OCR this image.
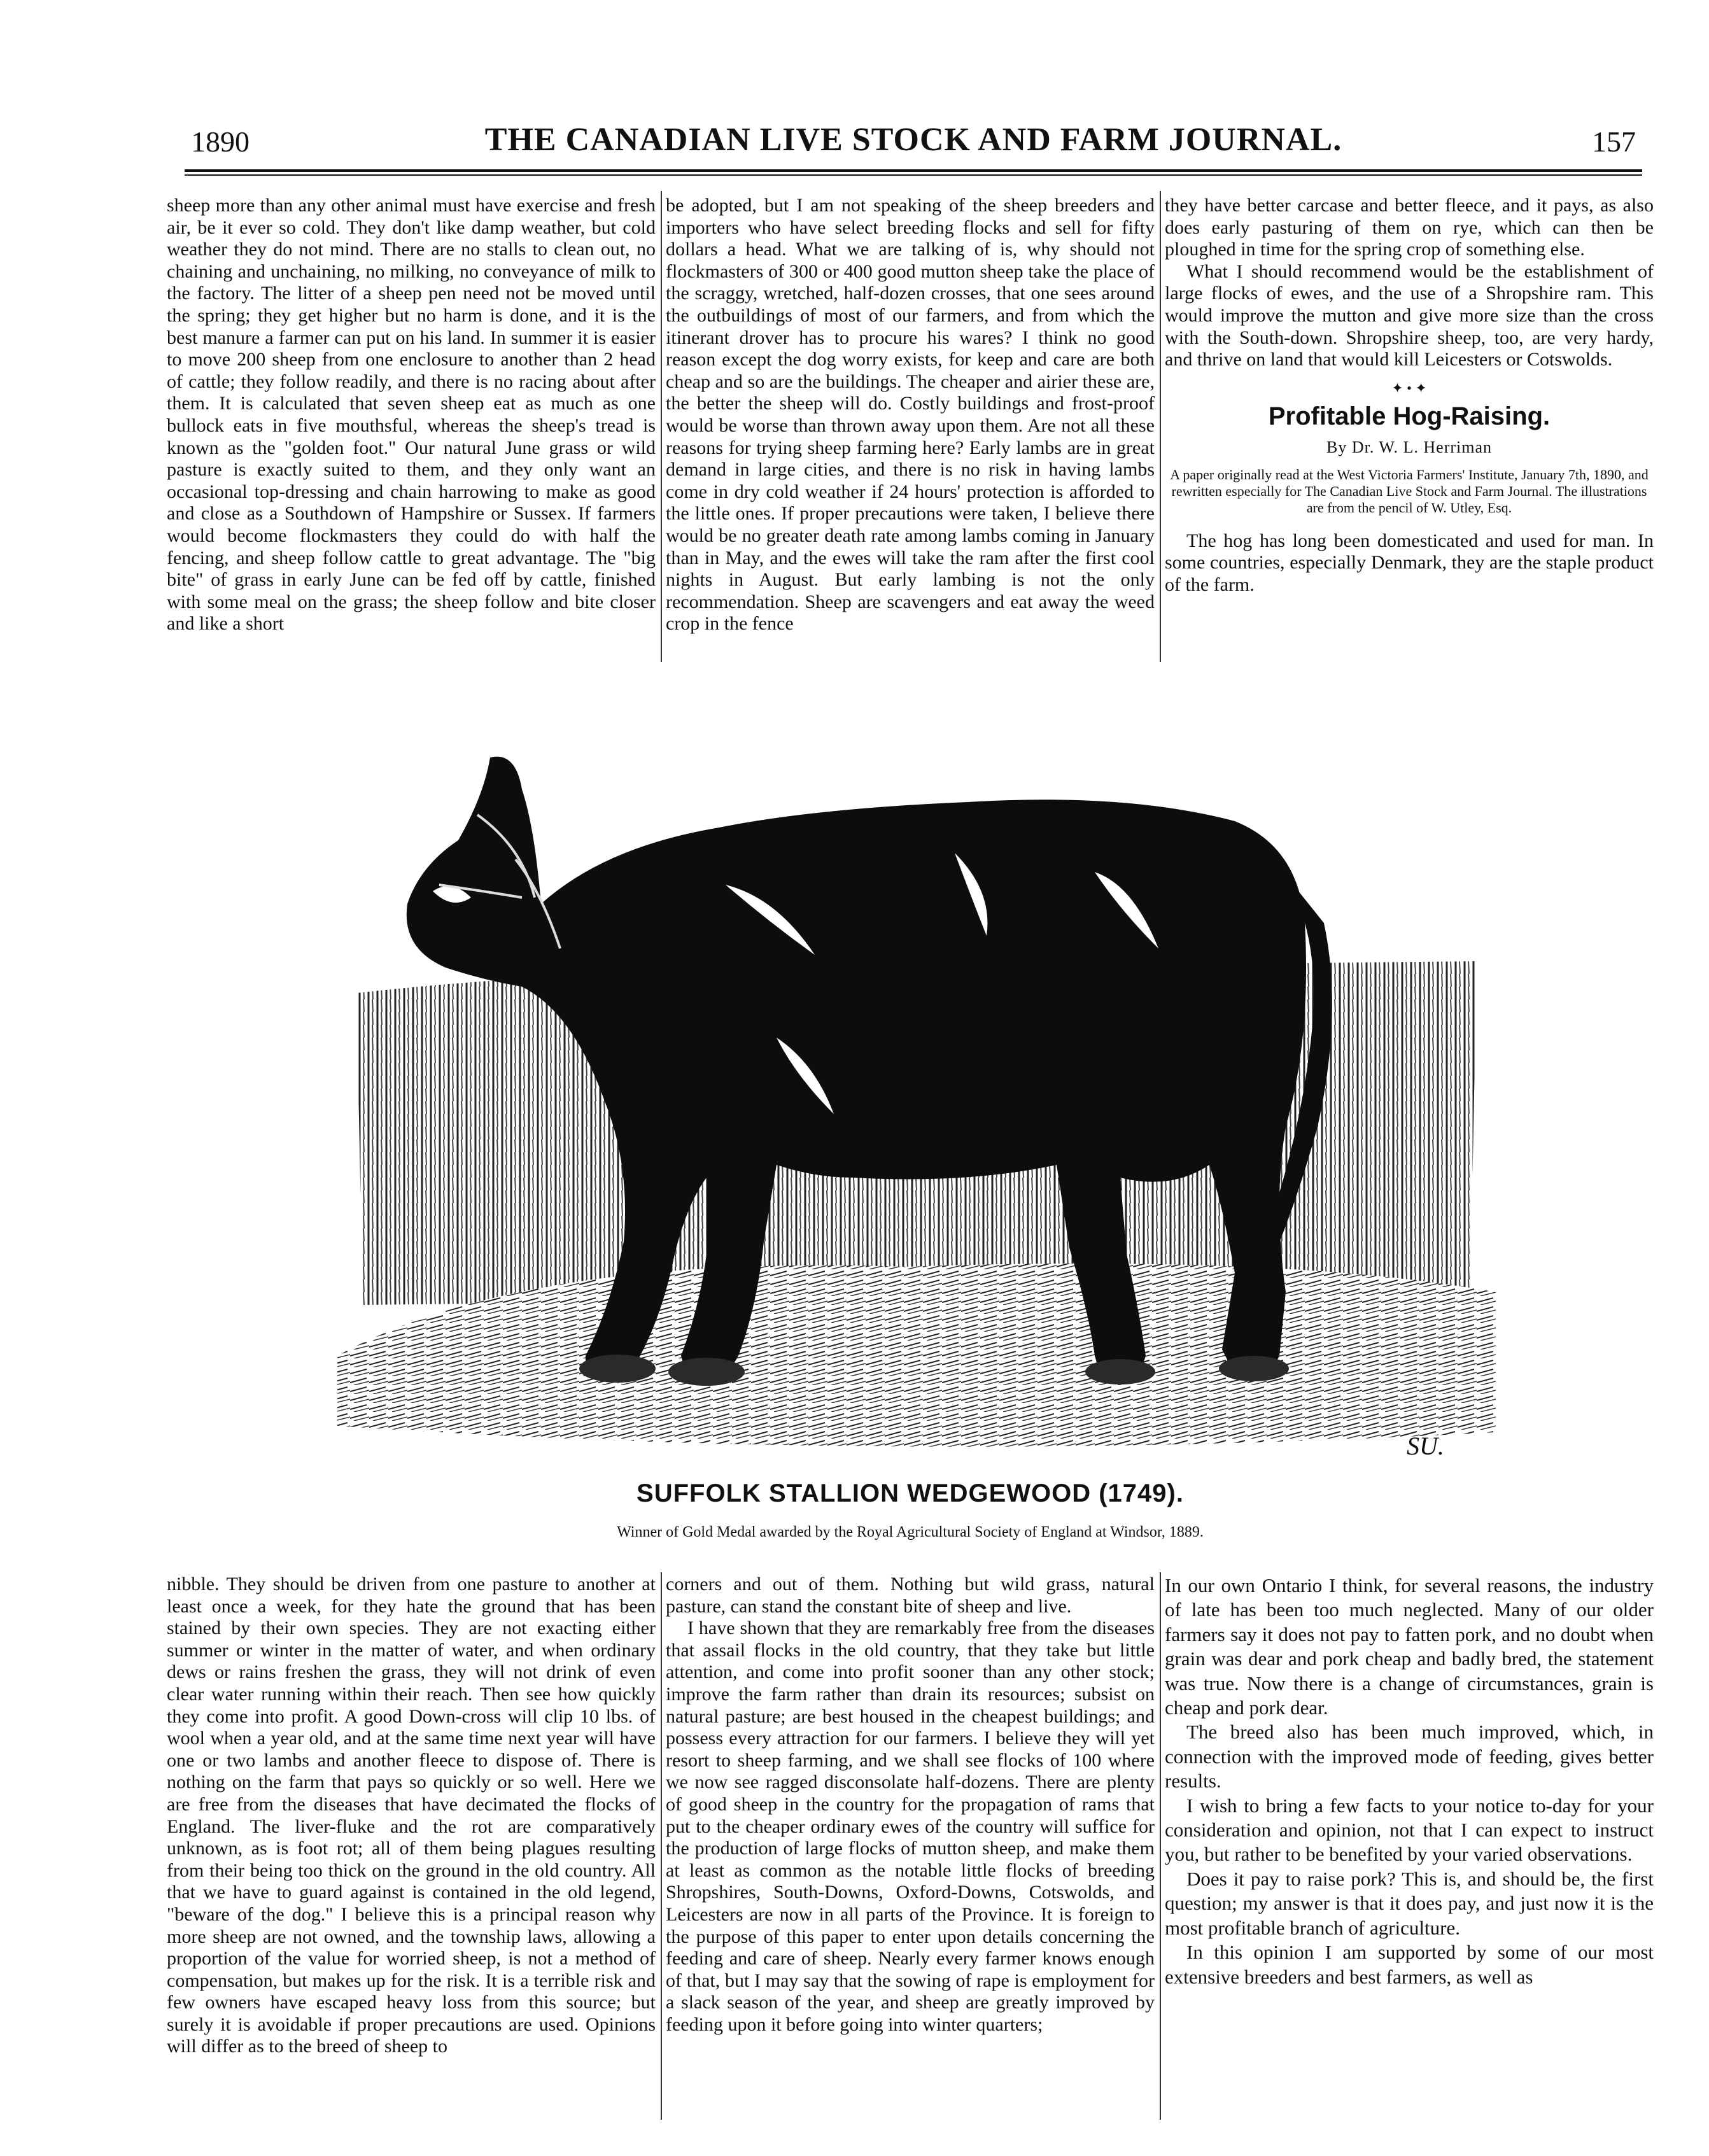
1890	THE CANADIAN LIVE STOCK AND FARM JOURNAL.	157

sheep more than any other animal must have exercise and fresh air, be it ever so cold. They don't like damp weather, but cold weather they do not mind. There are no stalls to clean out, no chaining and unchaining, no milking, no conveyance of milk to the factory. The litter of a sheep pen need not be moved until the spring; they get higher but no harm is done, and it is the best manure a farmer can put on his land. In summer it is easier to move 200 sheep from one enclosure to another than 2 head of cattle; they follow readily, and there is no racing about after them. It is calculated that seven sheep eat as much as one bullock eats in five mouthsful, whereas the sheep's tread is known as the "golden foot." Our natural June grass or wild pasture is exactly suited to them, and they only want an occasional top-dressing and chain harrowing to make as good and close as a Southdown of Hampshire or Sussex. If farmers would become flockmasters they could do with half the fencing, and sheep follow cattle to great advantage. The "big bite" of grass in early June can be fed off by cattle, finished with some meal on the grass; the sheep follow and bite closer and like a short

be adopted, but I am not speaking of the sheep breeders and importers who have select breeding flocks and sell for fifty dollars a head. What we are talking of is, why should not flockmasters of 300 or 400 good mutton sheep take the place of the scraggy, wretched, half-dozen crosses, that one sees around the outbuildings of most of our farmers, and from which the itinerant drover has to procure his wares? I think no good reason except the dog worry exists, for keep and care are both cheap and so are the buildings. The cheaper and airier these are, the better the sheep will do. Costly buildings and frost-proof would be worse than thrown away upon them. Are not all these reasons for trying sheep farming here? Early lambs are in great demand in large cities, and there is no risk in having lambs come in dry cold weather if 24 hours' protection is afforded to the little ones. If proper precautions were taken, I believe there would be no greater death rate among lambs coming in January than in May, and the ewes will take the ram after the first cool nights in August. But early lambing is not the only recommendation. Sheep are scavengers and eat away the weed crop in the fence

they have better carcase and better fleece, and it pays, as also does early pasturing of them on rye, which can then be ploughed in time for the spring crop of something else.

What I should recommend would be the establishment of large flocks of ewes, and the use of a Shropshire ram. This would improve the mutton and give more size than the cross with the South-down. Shropshire sheep, too, are very hardy, and thrive on land that would kill Leicesters or Cotswolds.

✦ • ✦

Profitable Hog-Raising.

By Dr. W. L. Herriman

A paper originally read at the West Victoria Farmers' Institute, January 7th, 1890, and rewritten especially for The Canadian Live Stock and Farm Journal. The illustrations are from the pencil of W. Utley, Esq.

The hog has long been domesticated and used for man. In some countries, especially Denmark, they are the staple product of the farm.

SU.
SUFFOLK STALLION WEDGEWOOD (1749).
Winner of Gold Medal awarded by the Royal Agricultural Society of England at Windsor, 1889.

nibble. They should be driven from one pasture to another at least once a week, for they hate the ground that has been stained by their own species. They are not exacting either summer or winter in the matter of water, and when ordinary dews or rains freshen the grass, they will not drink of even clear water running within their reach. Then see how quickly they come into profit. A good Down-cross will clip 10 lbs. of wool when a year old, and at the same time next year will have one or two lambs and another fleece to dispose of. There is nothing on the farm that pays so quickly or so well. Here we are free from the diseases that have decimated the flocks of England. The liver-fluke and the rot are comparatively unknown, as is foot rot; all of them being plagues resulting from their being too thick on the ground in the old country. All that we have to guard against is contained in the old legend, "beware of the dog." I believe this is a principal reason why more sheep are not owned, and the township laws, allowing a proportion of the value for worried sheep, is not a method of compensation, but makes up for the risk. It is a terrible risk and few owners have escaped heavy loss from this source; but surely it is avoidable if proper precautions are used. Opinions will differ as to the breed of sheep to

corners and out of them. Nothing but wild grass, natural pasture, can stand the constant bite of sheep and live.

I have shown that they are remarkably free from the diseases that assail flocks in the old country, that they take but little attention, and come into profit sooner than any other stock; improve the farm rather than drain its resources; subsist on natural pasture; are best housed in the cheapest buildings; and possess every attraction for our farmers. I believe they will yet resort to sheep farming, and we shall see flocks of 100 where we now see ragged disconsolate half-dozens. There are plenty of good sheep in the country for the propagation of rams that put to the cheaper ordinary ewes of the country will suffice for the production of large flocks of mutton sheep, and make them at least as common as the notable little flocks of breeding Shropshires, South-Downs, Oxford-Downs, Cotswolds, and Leicesters are now in all parts of the Province. It is foreign to the purpose of this paper to enter upon details concerning the feeding and care of sheep. Nearly every farmer knows enough of that, but I may say that the sowing of rape is employment for a slack season of the year, and sheep are greatly improved by feeding upon it before going into winter quarters;

In our own Ontario I think, for several reasons, the industry of late has been too much neglected. Many of our older farmers say it does not pay to fatten pork, and no doubt when grain was dear and pork cheap and badly bred, the statement was true. Now there is a change of circumstances, grain is cheap and pork dear.

The breed also has been much improved, which, in connection with the improved mode of feeding, gives better results.

I wish to bring a few facts to your notice to-day for your consideration and opinion, not that I can expect to instruct you, but rather to be benefited by your varied observations.

Does it pay to raise pork? This is, and should be, the first question; my answer is that it does pay, and just now it is the most profitable branch of agriculture.

In this opinion I am supported by some of our most extensive breeders and best farmers, as well as
